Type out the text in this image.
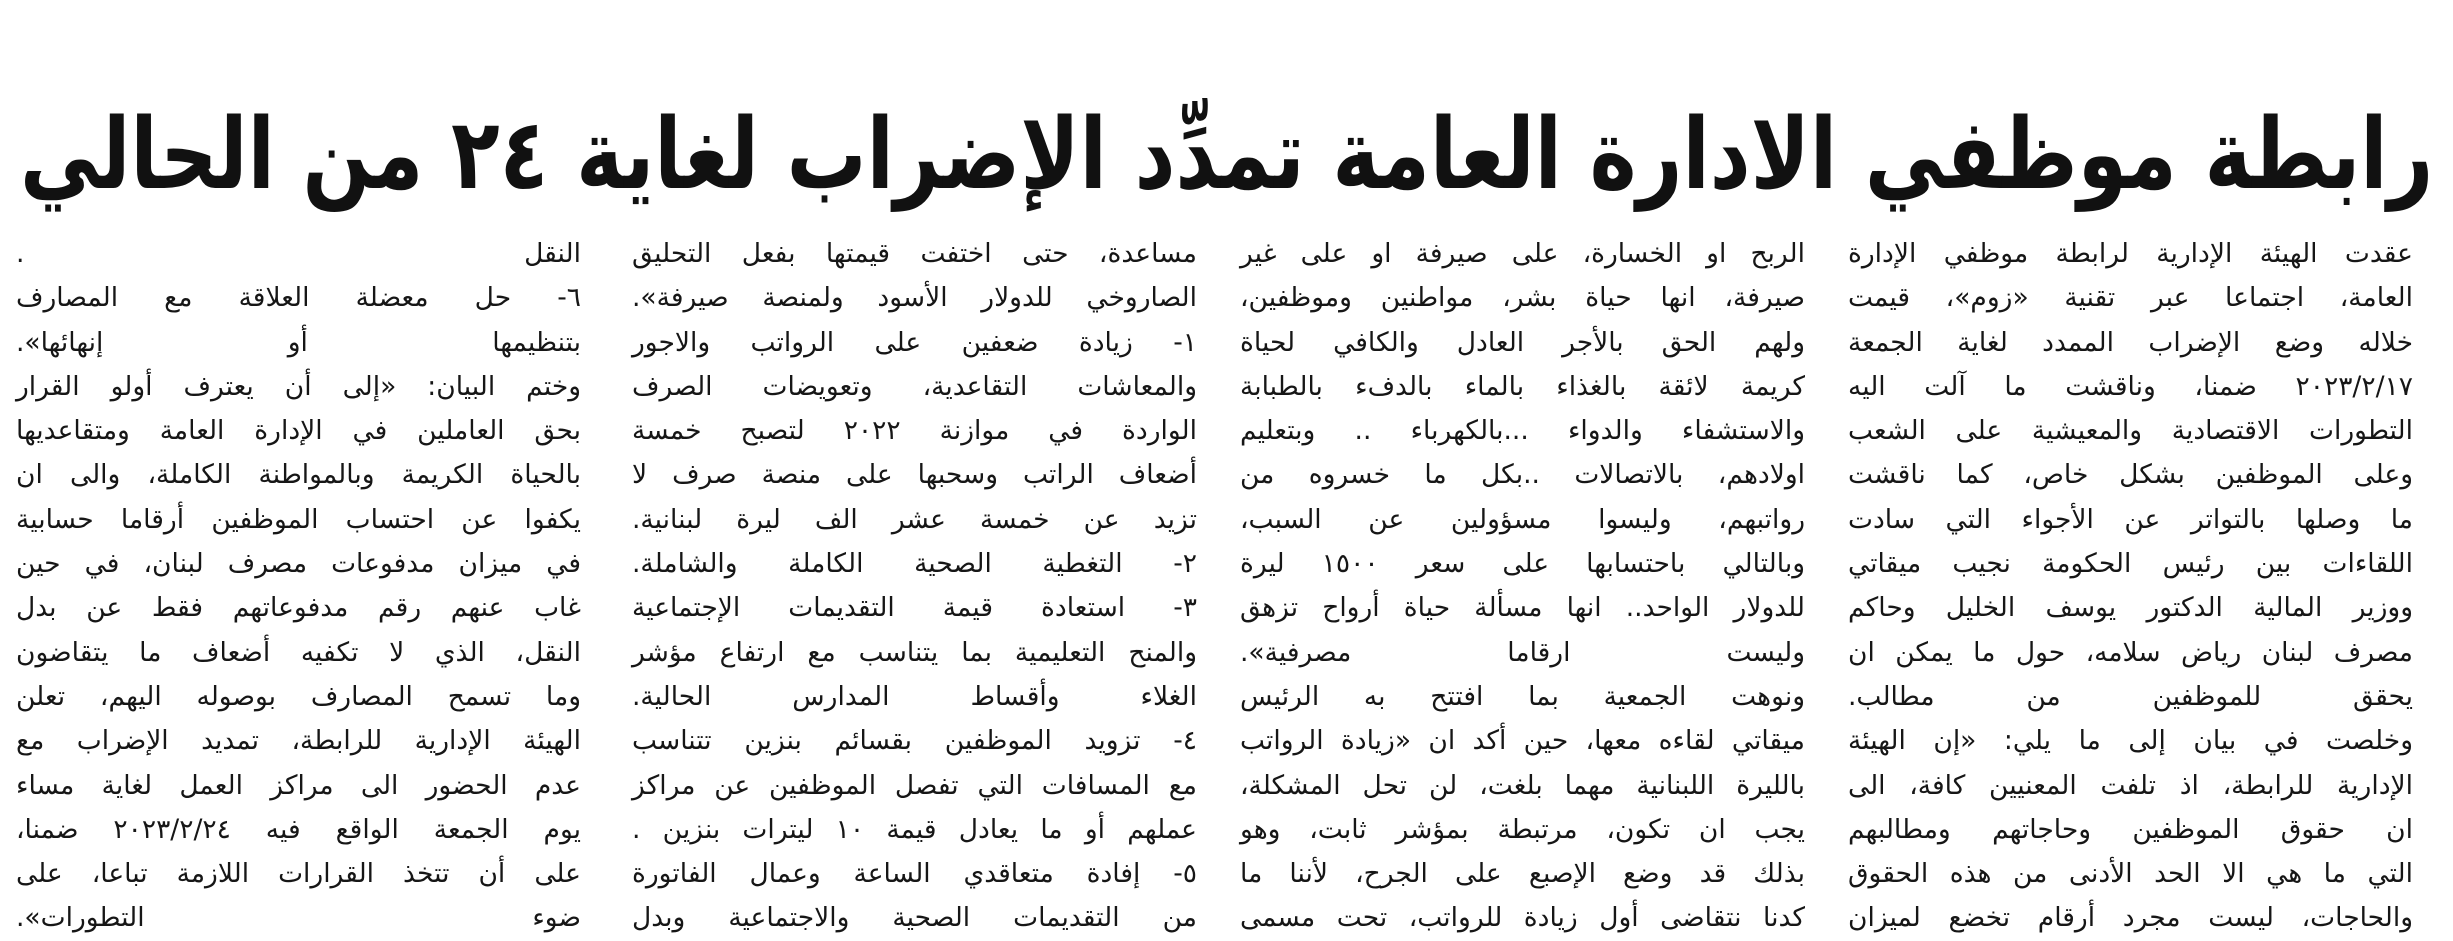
رابطة موظفي الادارة العامة تمدِّد الإضراب لغاية ٢٤ من الحالي
عقدت الهيئة الإدارية لرابطة موظفي الإدارة
العامة، اجتماعا عبر تقنية «زوم»، قيمت
خلاله وضع الإضراب الممدد لغاية الجمعة
٢٠٢٣/٢/١٧ ضمنا، وناقشت ما آلت اليه
التطورات الاقتصادية والمعيشية على الشعب
وعلى الموظفين بشكل خاص، كما ناقشت
ما وصلها بالتواتر عن الأجواء التي سادت
اللقاءات بين رئيس الحكومة نجيب ميقاتي
ووزير المالية الدكتور يوسف الخليل وحاكم
مصرف لبنان رياض سلامه، حول ما يمكن ان
يحقق للموظفين من مطالب.
وخلصت في بيان إلى ما يلي: «إن الهيئة
الإدارية للرابطة، اذ تلفت المعنيين كافة، الى
ان حقوق الموظفين وحاجاتهم ومطالبهم
التي ما هي الا الحد الأدنى من هذه الحقوق
والحاجات، ليست مجرد أرقام تخضع لميزان
الربح او الخسارة، على صيرفة او على غير
صيرفة، انها حياة بشر، مواطنين وموظفين،
ولهم الحق بالأجر العادل والكافي لحياة
كريمة لائقة بالغذاء بالماء بالدفء بالطبابة
والاستشفاء والدواء ...بالكهرباء .. وبتعليم
اولادهم، بالاتصالات ..بكل ما خسروه من
رواتبهم، وليسوا مسؤولين عن السبب،
وبالتالي باحتسابها على سعر ١٥٠٠ ليرة
للدولار الواحد.. انها مسألة حياة أرواح تزهق
وليست ارقاما مصرفية».
ونوهت الجمعية بما افتتح به الرئيس
ميقاتي لقاءه معها، حين أكد ان «زيادة الرواتب
بالليرة اللبنانية مهما بلغت، لن تحل المشكلة،
يجب ان تكون، مرتبطة بمؤشر ثابت، وهو
بذلك قد وضع الإصبع على الجرح، لأننا ما
كدنا نتقاضى أول زيادة للرواتب، تحت مسمى
مساعدة، حتى اختفت قيمتها بفعل التحليق
الصاروخي للدولار الأسود ولمنصة صيرفة».
١- زيادة ضعفين على الرواتب والاجور
والمعاشات التقاعدية، وتعويضات الصرف
الواردة في موازنة ٢٠٢٢ لتصبح خمسة
أضعاف الراتب وسحبها على منصة صرف لا
تزيد عن خمسة عشر الف ليرة لبنانية.
٢- التغطية الصحية الكاملة والشاملة.
٣- استعادة قيمة التقديمات الإجتماعية
والمنح التعليمية بما يتناسب مع ارتفاع مؤشر
الغلاء وأقساط المدارس الحالية.
٤- تزويد الموظفين بقسائم بنزين تتناسب
مع المسافات التي تفصل الموظفين عن مراكز
عملهم أو ما يعادل قيمة ١٠ ليترات بنزين .
٥- إفادة متعاقدي الساعة وعمال الفاتورة
من التقديمات الصحية والاجتماعية وبدل
النقل .
٦- حل معضلة العلاقة مع المصارف
بتنظيمها أو إنهائها».
وختم البيان: «إلى أن يعترف أولو القرار
بحق العاملين في الإدارة العامة ومتقاعديها
بالحياة الكريمة وبالمواطنة الكاملة، والى ان
يكفوا عن احتساب الموظفين أرقاما حسابية
في ميزان مدفوعات مصرف لبنان، في حين
غاب عنهم رقم مدفوعاتهم فقط عن بدل
النقل، الذي لا تكفيه أضعاف ما يتقاضون
وما تسمح المصارف بوصوله اليهم، تعلن
الهيئة الإدارية للرابطة، تمديد الإضراب مع
عدم الحضور الى مراكز العمل لغاية مساء
يوم الجمعة الواقع فيه ٢٠٢٣/٢/٢٤ ضمنا،
على أن تتخذ القرارات اللازمة تباعا، على
ضوء التطورات».
